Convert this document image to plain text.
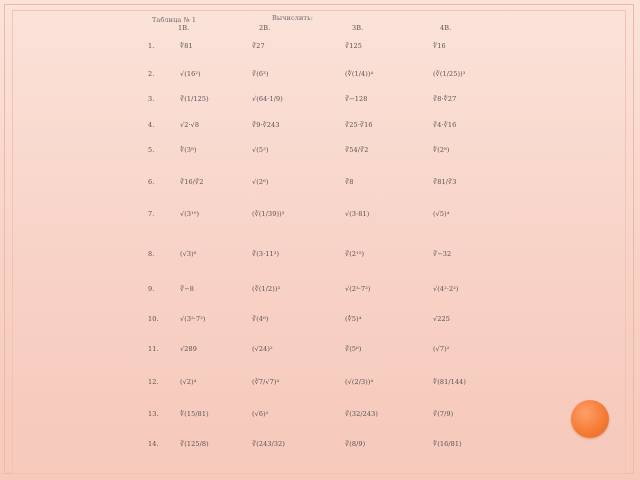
Таблица № 1	Вычислить:
1В.	2В.	3В.	4В.
1.	∜81	∛27	∛125	∜16
2.	√(16²)	∛(6³)	(∜(1/4))⁴	(∛(1/25))³
3.	∛(1/125)	√(64·1/9)	∛−128	∛8·∜27
4.	√2·√8	∛9·∛243	∛25·∛16	∛4·∛16
5.	∜(3⁸)	√(5²)	∛54/∛2	∜(2⁸)
6.	∛16/∛2	√(2⁶)	∛8	∛81/∛3
7.	√(3¹⁰)	(∛(1/39))³	√(3·81)	(√5)⁴
8.	(√3)⁸	∛(3·11³)	∛(2¹⁵)	∛−32
9.	∛−8	(∛(1/2))³	√(2³·7²)	√(4²·2²)
10.	√(3²·7²)	∛(4⁶)	(∜5)⁴	√225
11.	√289	(√24)²	∛(5⁶)	(√7)²
12.	(√2)⁴	(∛7/√7)⁴	(√(2/3))⁴	∜(81/144)
13.	∜(15/81)	(√6)²	∛(32/243)	∛(7/9)
14.	∛(125/8)	∛(243/32)	∛(8/9)	∜(16/81)
